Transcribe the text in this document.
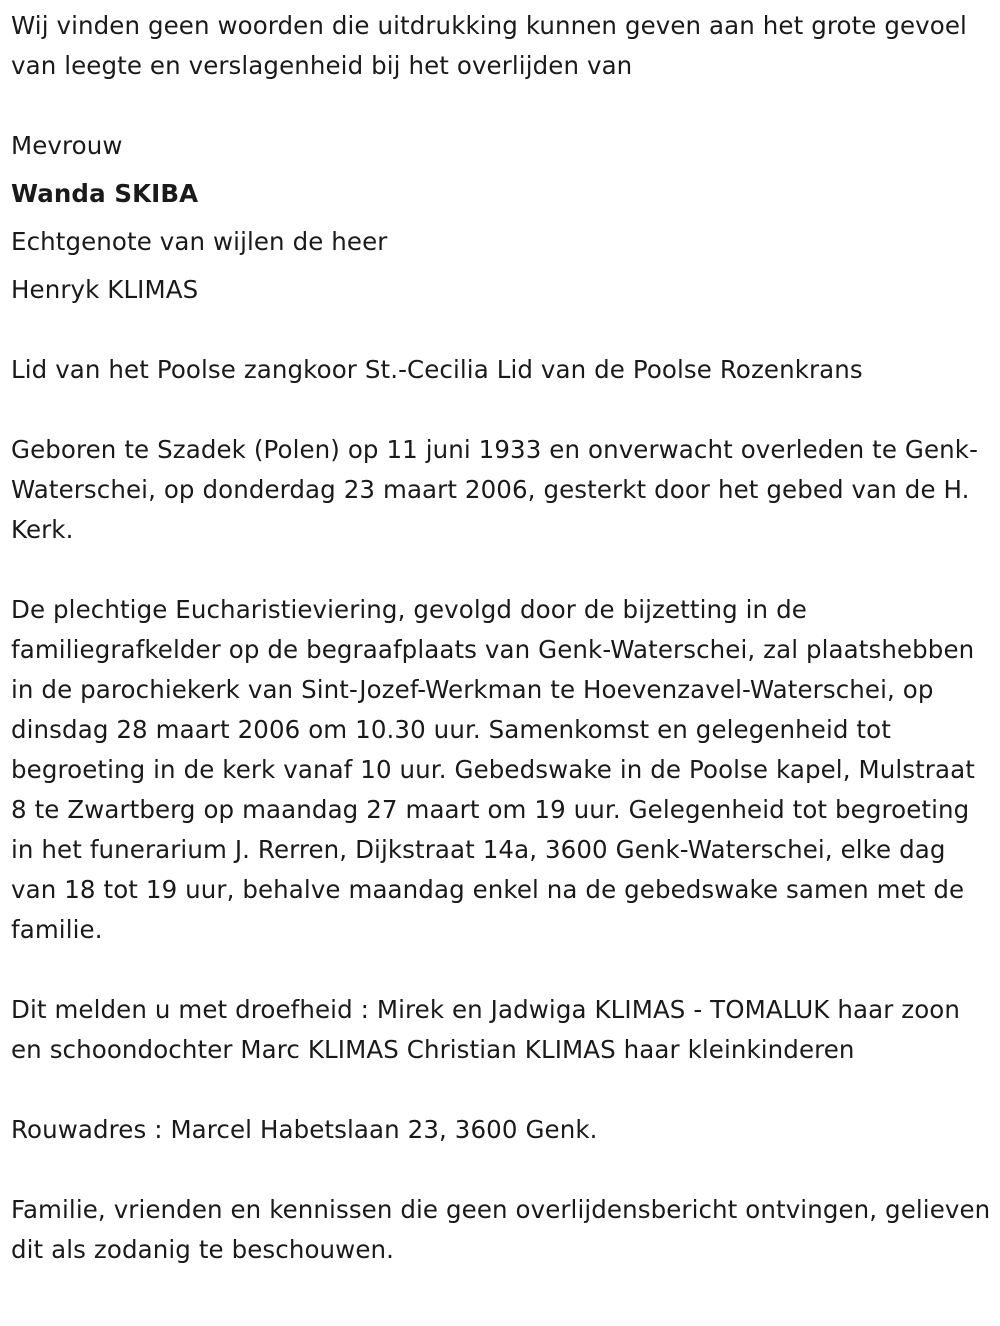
Wij vinden geen woorden die uitdrukking kunnen geven aan het grote gevoel van leegte en verslagenheid bij het overlijden van

Mevrouw

Wanda SKIBA

Echtgenote van wijlen de heer

Henryk KLIMAS

Lid van het Poolse zangkoor St.-Cecilia Lid van de Poolse Rozenkrans

Geboren te Szadek (Polen) op 11 juni 1933 en onverwacht overleden te Genk-Waterschei, op donderdag 23 maart 2006, gesterkt door het gebed van de H. Kerk.

De plechtige Eucharistieviering, gevolgd door de bijzetting in de familiegrafkelder op de begraafplaats van Genk-Waterschei, zal plaatshebben in de parochiekerk van Sint-Jozef-Werkman te Hoevenzavel-Waterschei, op dinsdag 28 maart 2006 om 10.30 uur. Samenkomst en gelegenheid tot begroeting in de kerk vanaf 10 uur. Gebedswake in de Poolse kapel, Mulstraat 8 te Zwartberg op maandag 27 maart om 19 uur. Gelegenheid tot begroeting in het funerarium J. Rerren, Dijkstraat 14a, 3600 Genk-Waterschei, elke dag van 18 tot 19 uur, behalve maandag enkel na de gebedswake samen met de familie.

Dit melden u met droefheid : Mirek en Jadwiga KLIMAS - TOMALUK haar zoon en schoondochter Marc KLIMAS Christian KLIMAS haar kleinkinderen

Rouwadres : Marcel Habetslaan 23, 3600 Genk.

Familie, vrienden en kennissen die geen overlijdensbericht ontvingen, gelieven dit als zodanig te beschouwen.
